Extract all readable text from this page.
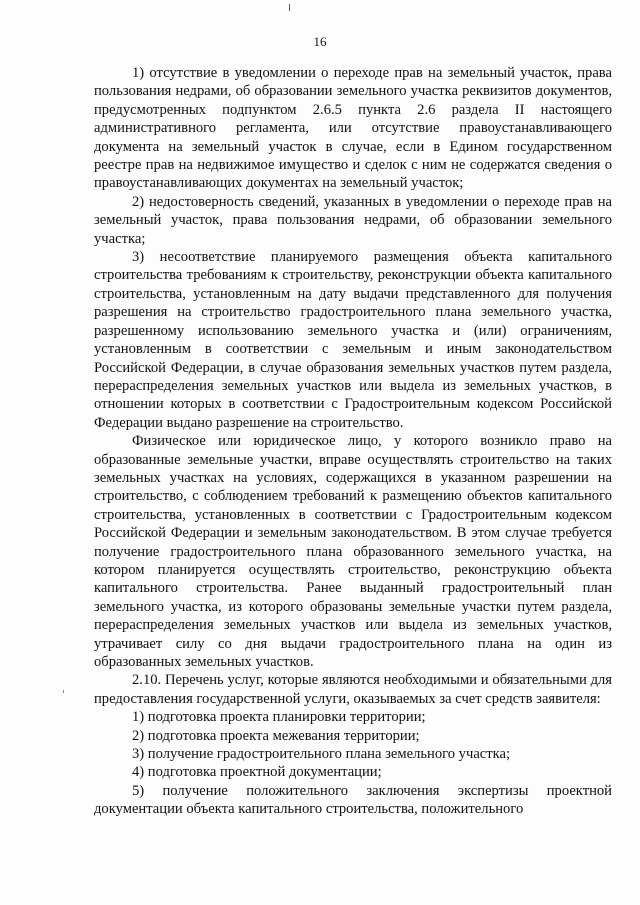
16

1) отсутствие в уведомлении о переходе прав на земельный участок, права пользования недрами, об образовании земельного участка реквизитов документов, предусмотренных подпунктом 2.6.5 пункта 2.6 раздела II настоящего административного регламента, или отсутствие правоустанавливающего документа на земельный участок в случае, если в Едином государственном реестре прав на недвижимое имущество и сделок с ним не содержатся сведения о правоустанавливающих документах на земельный участок;

2) недостоверность сведений, указанных в уведомлении о переходе прав на земельный участок, права пользования недрами, об образовании земельного участка;

3) несоответствие планируемого размещения объекта капитального строительства требованиям к строительству, реконструкции объекта капитального строительства, установленным на дату выдачи представленного для получения разрешения на строительство градостроительного плана земельного участка, разрешенному использованию земельного участка и (или) ограничениям, установленным в соответствии с земельным и иным законодательством Российской Федерации, в случае образования земельных участков путем раздела, перераспределения земельных участков или выдела из земельных участков, в отношении которых в соответствии с Градостроительным кодексом Российской Федерации выдано разрешение на строительство.

Физическое или юридическое лицо, у которого возникло право на образованные земельные участки, вправе осуществлять строительство на таких земельных участках на условиях, содержащихся в указанном разрешении на строительство, с соблюдением требований к размещению объектов капитального строительства, установленных в соответствии с Градостроительным кодексом Российской Федерации и земельным законодательством. В этом случае требуется получение градостроительного плана образованного земельного участка, на котором планируется осуществлять строительство, реконструкцию объекта капитального строительства. Ранее выданный градостроительный план земельного участка, из которого образованы земельные участки путем раздела, перераспределения земельных участков или выдела из земельных участков, утрачивает силу со дня выдачи градостроительного плана на один из образованных земельных участков.

2.10. Перечень услуг, которые являются необходимыми и обязательными для предоставления государственной услуги, оказываемых за счет средств заявителя:

1) подготовка проекта планировки территории;

2) подготовка проекта межевания территории;

3) получение градостроительного плана земельного участка;

4) подготовка проектной документации;

5) получение положительного заключения экспертизы проектной документации объекта капитального строительства, положительного
